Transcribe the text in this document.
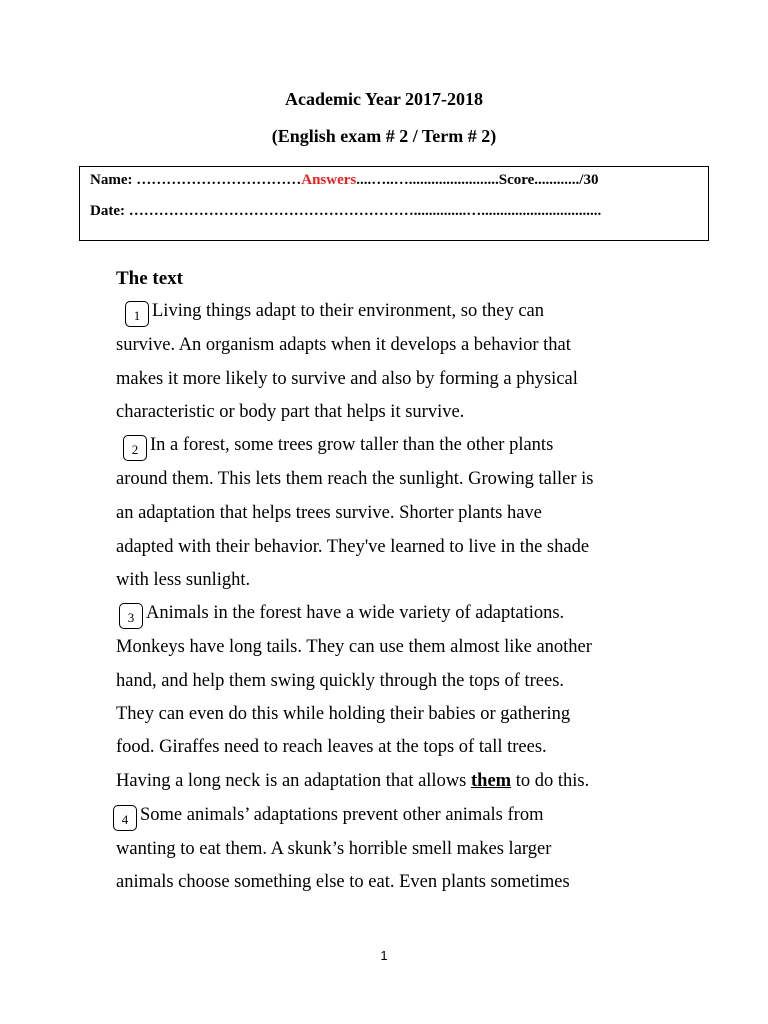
Academic Year 2017-2018
(English exam # 2 / Term # 2)
Name: ……………………………Answers....…..…........................Score............/30
Date: …………………………………………………..............…................................
The text
1 Living things adapt to their environment, so they can
survive. An organism adapts when it develops a behavior that
makes it more likely to survive and also by forming a physical
characteristic or body part that helps it survive.
2 In a forest, some trees grow taller than the other plants
around them. This lets them reach the sunlight. Growing taller is
an adaptation that helps trees survive. Shorter plants have
adapted with their behavior. They've learned to live in the shade
with less sunlight.
3 Animals in the forest have a wide variety of adaptations.
Monkeys have long tails. They can use them almost like another
hand, and help them swing quickly through the tops of trees.
They can even do this while holding their babies or gathering
food. Giraffes need to reach leaves at the tops of tall trees.
Having a long neck is an adaptation that allows them to do this.
4 Some animals’ adaptations prevent other animals from
wanting to eat them. A skunk’s horrible smell makes larger
animals choose something else to eat. Even plants sometimes
1
